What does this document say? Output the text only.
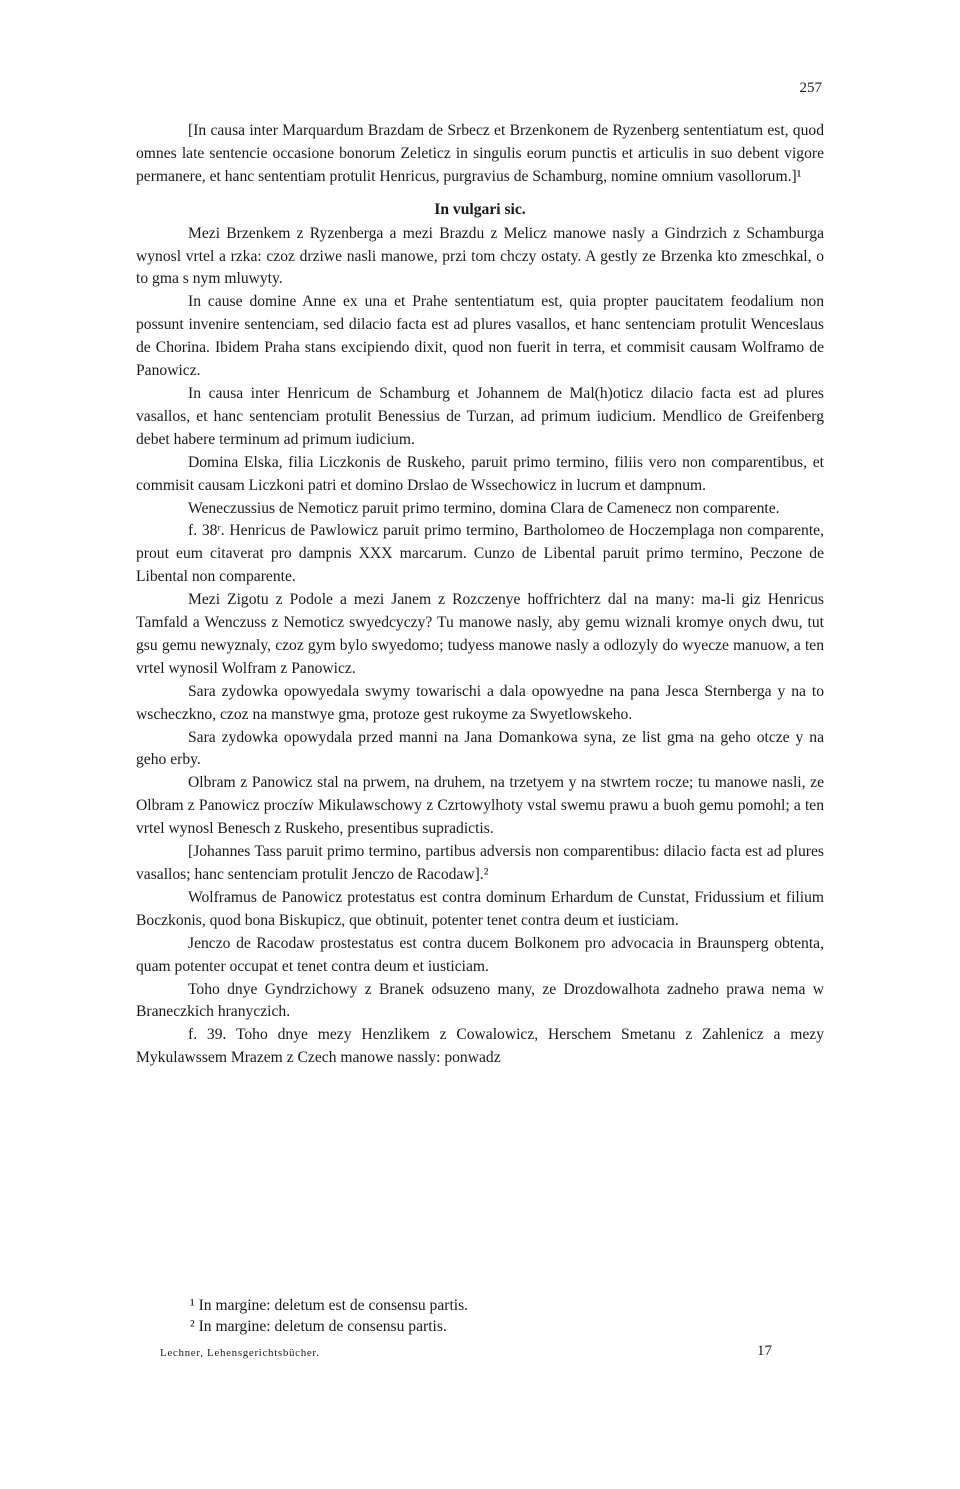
257

[In causa inter Marquardum Brazdam de Srbecz et Brzenkonem de Ryzenberg sententiatum est, quod omnes late sentencie occasione bonorum Zeleticz in singulis eorum punctis et articulis in suo debent vigore permanere, et hanc sententiam protulit Henricus, purgravius de Schamburg, nomine omnium vasollorum.]¹

In vulgari sic.

Mezi Brzenkem z Ryzenberga a mezi Brazdu z Melicz manowe nasly a Gindrzich z Schamburga wynosl vrtel a rzka: czoz drziwe nasli manowe, przi tom chczy ostaty. A gestly ze Brzenka kto zmeschkal, o to gma s nym mluwyty.

In cause domine Anne ex una et Prahe sententiatum est, quia propter paucitatem feodalium non possunt invenire sentenciam, sed dilacio facta est ad plures vasallos, et hanc sentenciam protulit Wenceslaus de Chorina. Ibidem Praha stans excipiendo dixit, quod non fuerit in terra, et commisit causam Wolframo de Panowicz.

In causa inter Henricum de Schamburg et Johannem de Mal(h)oticz dilacio facta est ad plures vasallos, et hanc sentenciam protulit Benessius de Turzan, ad primum iudicium. Mendlico de Greifenberg debet habere terminum ad primum iudicium.

Domina Elska, filia Liczkonis de Ruskeho, paruit primo termino, filiis vero non comparentibus, et commisit causam Liczkoni patri et domino Drslao de Wssechowicz in lucrum et dampnum.

Weneczussius de Nemoticz paruit primo termino, domina Clara de Camenecz non comparente.

f. 38ʳ. Henricus de Pawlowicz paruit primo termino, Bartholomeo de Hoczemplaga non comparente, prout eum citaverat pro dampnis XXX marcarum. Cunzo de Libental paruit primo termino, Peczone de Libental non comparente.

Mezi Zigotu z Podole a mezi Janem z Rozczenye hoffrichterz dal na many: ma-li giz Henricus Tamfald a Wenczuss z Nemoticz swyedcyczy? Tu manowe nasly, aby gemu wiznali kromye onych dwu, tut gsu gemu newyznaly, czoz gym bylo swyedomo; tudyess manowe nasly a odlozyly do wyecze manuow, a ten vrtel wynosil Wolfram z Panowicz.

Sara zydowka opowyedala swymy towarischi a dala opowyedne na pana Jesca Sternberga y na to wscheczkno, czoz na manstwye gma, protoze gest rukoyme za Swyetlowskeho.

Sara zydowka opowydala przed manni na Jana Domankowa syna, ze list gma na geho otcze y na geho erby.

Olbram z Panowicz stal na prwem, na druhem, na trzetyem y na stwrtem rocze; tu manowe nasli, ze Olbram z Panowicz proczíw Mikulawschowy z Czrtowylhoty vstal swemu prawu a buoh gemu pomohl; a ten vrtel wynosl Benesch z Ruskeho, presentibus supradictis.

[Johannes Tass paruit primo termino, partibus adversis non comparentibus: dilacio facta est ad plures vasallos; hanc sentenciam protulit Jenczo de Racodaw].²

Wolframus de Panowicz protestatus est contra dominum Erhardum de Cunstat, Fridussium et filium Boczkonis, quod bona Biskupicz, que obtinuit, potenter tenet contra deum et iusticiam.

Jenczo de Racodaw prostestatus est contra ducem Bolkonem pro advocacia in Braunsperg obtenta, quam potenter occupat et tenet contra deum et iusticiam.

Toho dnye Gyndrzichowy z Branek odsuzeno many, ze Drozdowalhota zadneho prawa nema w Braneczkich hranyczich.

f. 39. Toho dnye mezy Henzlikem z Cowalowicz, Herschem Smetanu z Zahlenicz a mezy Mykulawssem Mrazem z Czech manowe nassly: ponwadz

¹ In margine: deletum est de consensu partis.
² In margine: deletum de consensu partis.
Lechner, Lehensgerichtsbücher.	17
